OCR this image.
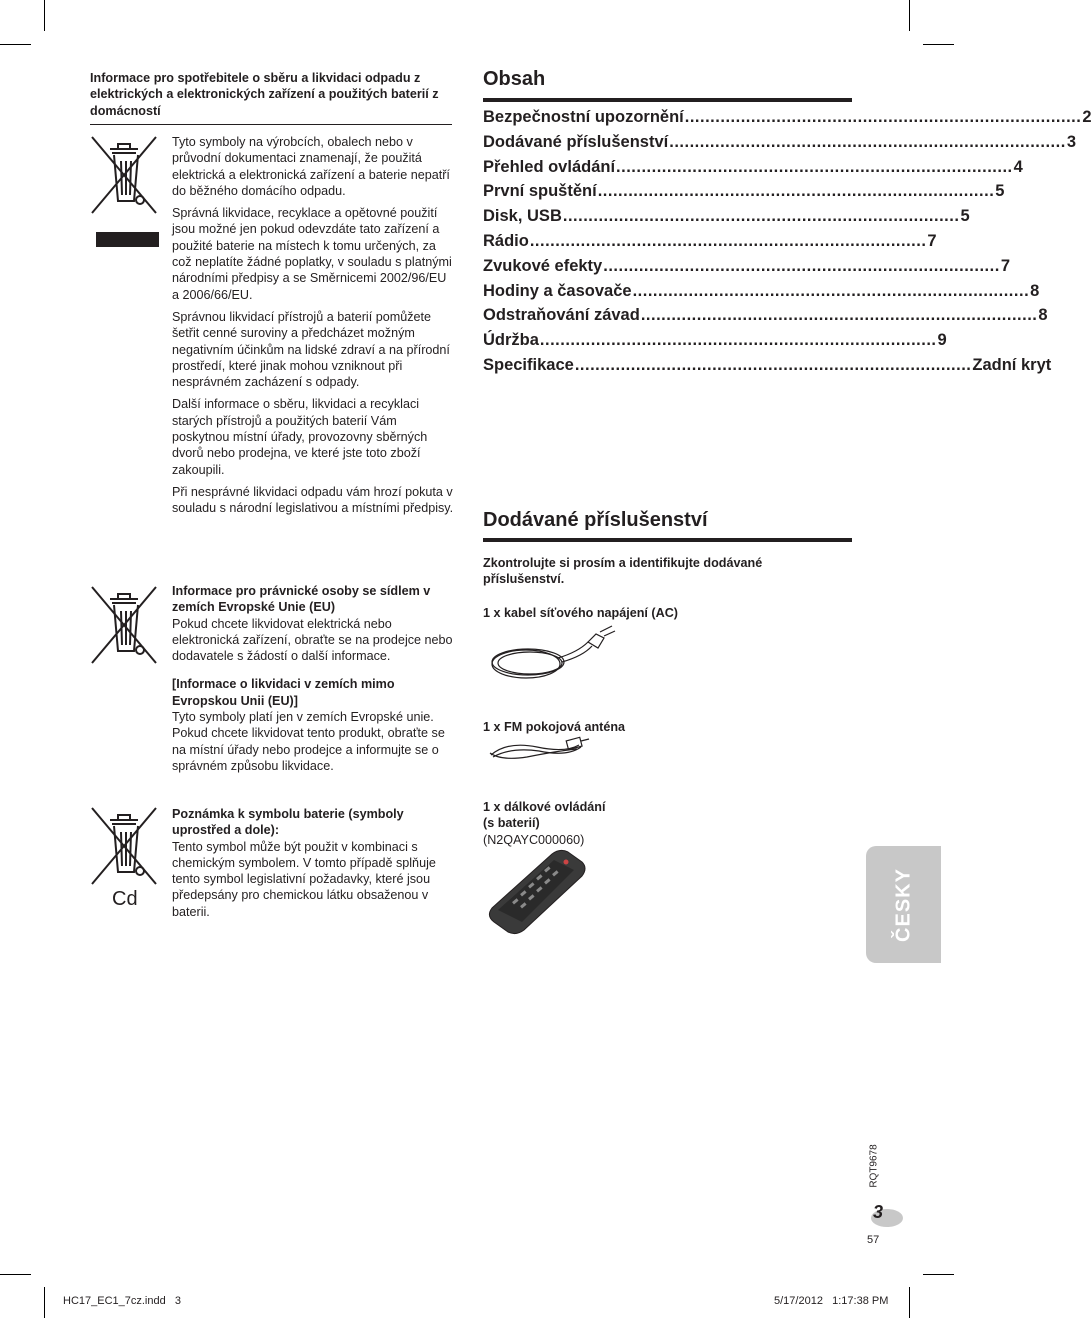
Informace pro spotřebitele o sběru a likvidaci odpadu z elektrických a elektronických zařízení a použitých baterií z domácností

Tyto symboly na výrobcích, obalech nebo v průvodní dokumentaci znamenají, že použitá elektrická a elektronická zařízení a baterie nepatří do běžného domácího odpadu.

Správná likvidace, recyklace a opětovné použití jsou možné jen pokud odevzdáte tato zařízení a použité baterie na místech k tomu určených, za což neplatíte žádné poplatky, v souladu s platnými národními předpisy a se Směrnicemi 2002/96/EU a 2006/66/EU.

Správnou likvidací přístrojů a baterií pomůžete šetřit cenné suroviny a předcházet možným negativním účinkům na lidské zdraví a na přírodní prostředí, které jinak mohou vzniknout při nesprávném zacházení s odpady.

Další informace o sběru, likvidaci a recyklaci starých přístrojů a použitých baterií Vám poskytnou místní úřady, provozovny sběrných dvorů nebo prodejna, ve které jste toto zboží zakoupili.

Při nesprávné likvidaci odpadu vám hrozí pokuta v souladu s národní legislativou a místními předpisy.

Informace pro právnické osoby se sídlem v zemích Evropské Unie (EU)

Pokud chcete likvidovat elektrická nebo elektronická zařízení, obraťte se na prodejce nebo dodavatele s žádostí o další informace.

[Informace o likvidaci v zemích mimo Evropskou Unii (EU)]

Tyto symboly platí jen v zemích Evropské unie. Pokud chcete likvidovat tento produkt, obraťte se na místní úřady nebo prodejce a informujte se o správném způsobu likvidace.

Cd
Poznámka k symbolu baterie (symboly uprostřed a dole):

Tento symbol může být použit v kombinaci s chemickým symbolem. V tomto případě splňuje tento symbol legislativní požadavky, které jsou předepsány pro chemickou látku obsaženou v baterii.

Obsah
Bezpečnostní upozornění .............................................................................. 2
Dodávané příslušenství .............................................................................. 3
Přehled ovládání .............................................................................. 4
První spuštění .............................................................................. 5
Disk, USB .............................................................................. 5
Rádio .............................................................................. 7
Zvukové efekty .............................................................................. 7
Hodiny a časovače .............................................................................. 8
Odstraňování závad .............................................................................. 8
Údržba .............................................................................. 9
Specifikace .............................................................................. Zadní kryt
Dodávané příslušenství
Zkontrolujte si prosím a identifikujte dodávané příslušenství.
1 x kabel síťového napájení (AC)
1 x FM pokojová anténa
1 x dálkové ovládání
(s baterií)
(N2QAYC000060)
ČESKY
RQT9678
3
57
HC17_EC1_7cz.indd   3	5/17/2012   1:17:38 PM
